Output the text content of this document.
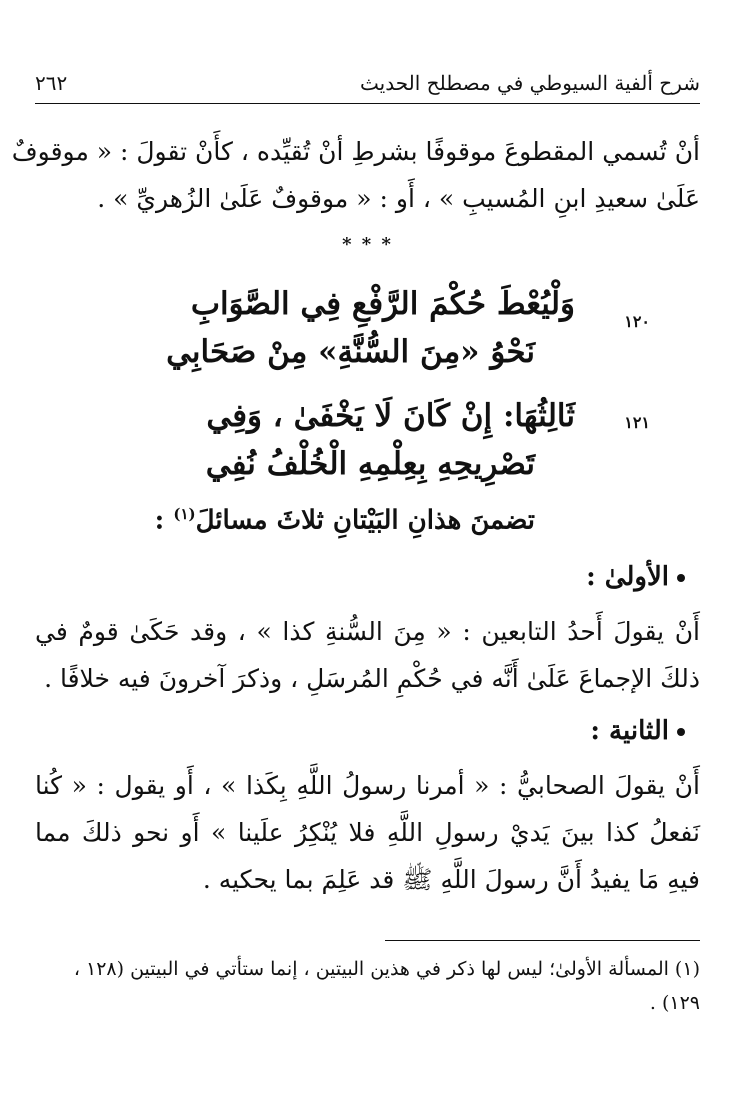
شرح ألفية السيوطي في مصطلح الحديث
٢٦٢

أنْ تُسمي المقطوعَ موقوفًا بشرطِ أنْ تُقيِّده ، كأَنْ تقولَ : « موقوفٌ
عَلَىٰ سعيدِ ابنِ المُسيبِ » ، أَو : « موقوفٌ عَلَىٰ الزُهريِّ » .

* * *
١٢٠
وَلْيُعْطَ حُكْمَ الرَّفْعِ فِي الصَّوَابِ
نَحْوُ «مِنَ السُّنَّةِ» مِنْ صَحَابِي
١٢١
ثَالِثُهَا: إِنْ كَانَ لَا يَخْفَىٰ ، وَفِي
تَصْرِيحِهِ بِعِلْمِهِ الْخُلْفُ نُفِي
تضمنَ هذانِ البَيْتانِ ثلاثَ مسائلَ$^{(١)}$ :
الأولىٰ :

أَنْ يقولَ أَحدُ التابعين : « مِنَ السُّنةِ كذا » ، وقد حَكَىٰ قومٌ في
ذلكَ الإجماعَ عَلَىٰ أَنَّه في حُكْمِ المُرسَلِ ، وذكرَ آخرونَ فيه خلافًا .

الثانية :

أَنْ يقولَ الصحابيُّ : « أمرنا رسولُ اللَّهِ بِكَذا » ، أَو يقول : « كُنا
نَفعلُ كذا بينَ يَديْ رسولِ اللَّهِ فلا يُنْكِرُ علَينا » أَو نحو ذلكَ مما
فيهِ مَا يفيدُ أَنَّ رسولَ اللَّهِ ﷺ قد عَلِمَ بما يحكيه .

(١) المسألة الأولىٰ؛ ليس لها ذكر في هذين البيتين ، إنما ستأتي في البيتين (١٢٨ ،
١٢٩) .
